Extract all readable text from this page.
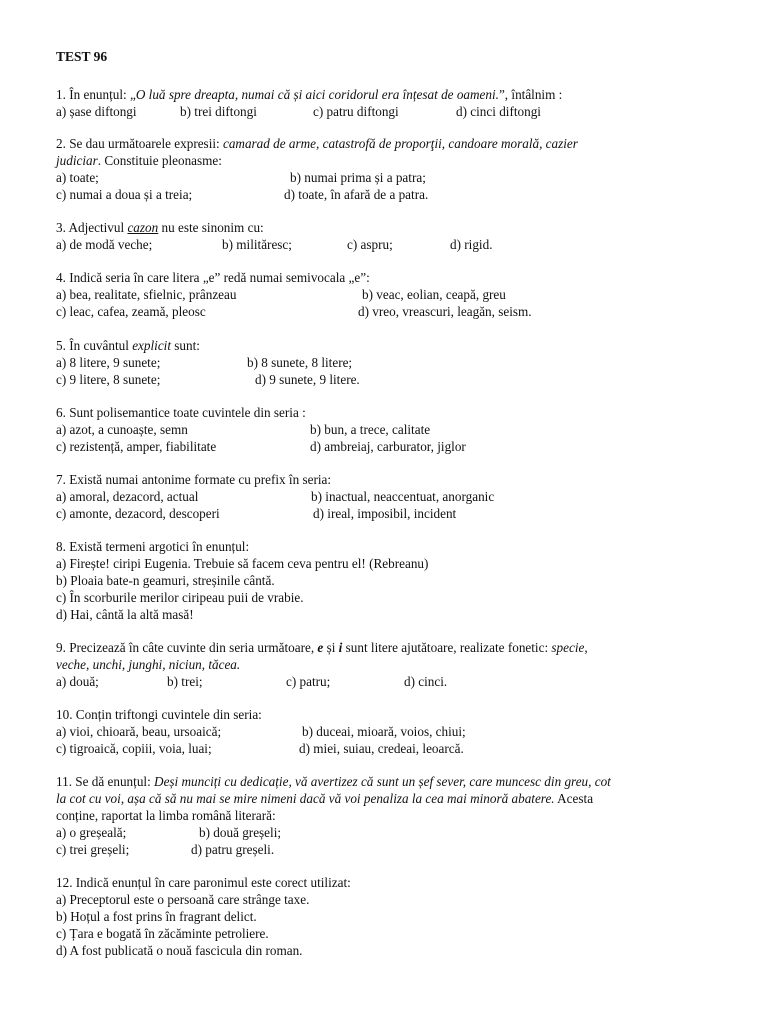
TEST 96
1. În enunțul: „O luă spre dreapta, numai că și aici coridorul era înțesat de oameni.”, întâlnim :
a) șase diftongi	b) trei diftongi	c) patru diftongi	d) cinci diftongi
2. Se dau următoarele expresii: camarad de arme, catastrofă de proporţii, candoare morală, cazier
judiciar. Constituie pleonasme:
a) toate;	b) numai prima și a patra;
c) numai a doua și a treia;	d) toate, în afară de a patra.
3. Adjectivul cazon nu este sinonim cu:
a) de modă veche;	b) milităresc;	c) aspru;	d) rigid.
4. Indică seria în care litera „e” redă numai semivocala „e”:
a) bea, realitate, sfielnic, prânzeau	b) veac, eolian, ceapă, greu
c) leac, cafea, zeamă, pleosc	d) vreo, vreascuri, leagăn, seism.
5. În cuvântul explicit sunt:
a) 8 litere, 9 sunete;	b) 8 sunete, 8 litere;
c) 9 litere, 8 sunete;	d) 9 sunete, 9 litere.
6. Sunt polisemantice toate cuvintele din seria :
a) azot, a cunoaște, semn	b) bun, a trece, calitate
c) rezistență, amper, fiabilitate	d) ambreiaj, carburator, jiglor
7. Există numai antonime formate cu prefix în seria:
a) amoral, dezacord, actual	b) inactual, neaccentuat, anorganic
c) amonte, dezacord, descoperi	d) ireal, imposibil, incident
8. Există termeni argotici în enunțul:
a) Firește! ciripi Eugenia. Trebuie să facem ceva pentru el! (Rebreanu)
b) Ploaia bate-n geamuri, streșinile cântă.
c) În scorburile merilor ciripeau puii de vrabie.
d) Hai, cântă la altă masă!
9. Precizează în câte cuvinte din seria următoare, e și i sunt litere ajutătoare, realizate fonetic: specie,
veche, unchi, junghi, niciun, tăcea.
a) două;	b) trei;	c) patru;	d) cinci.
10. Conțin triftongi cuvintele din seria:
a) vioi, chioară, beau, ursoaică;	b) duceai, mioară, voios, chiui;
c) tigroaică, copiii, voia, luai;	d) miei, suiau, credeai, leoarcă.
11. Se dă enunțul: Deși munciți cu dedicație, vă avertizez că sunt un șef sever, care muncesc din greu, cot
la cot cu voi, așa că să nu mai se mire nimeni dacă vă voi penaliza la cea mai minoră abatere. Acesta
conține, raportat la limba română literară:
a) o greșeală;	b) două greșeli;
c) trei greșeli;	d) patru greșeli.
12. Indică enunțul în care paronimul este corect utilizat:
a) Preceptorul este o persoană care strânge taxe.
b) Hoțul a fost prins în fragrant delict.
c) Țara e bogată în zăcăminte petroliere.
d) A fost publicată o nouă fascicula din roman.
